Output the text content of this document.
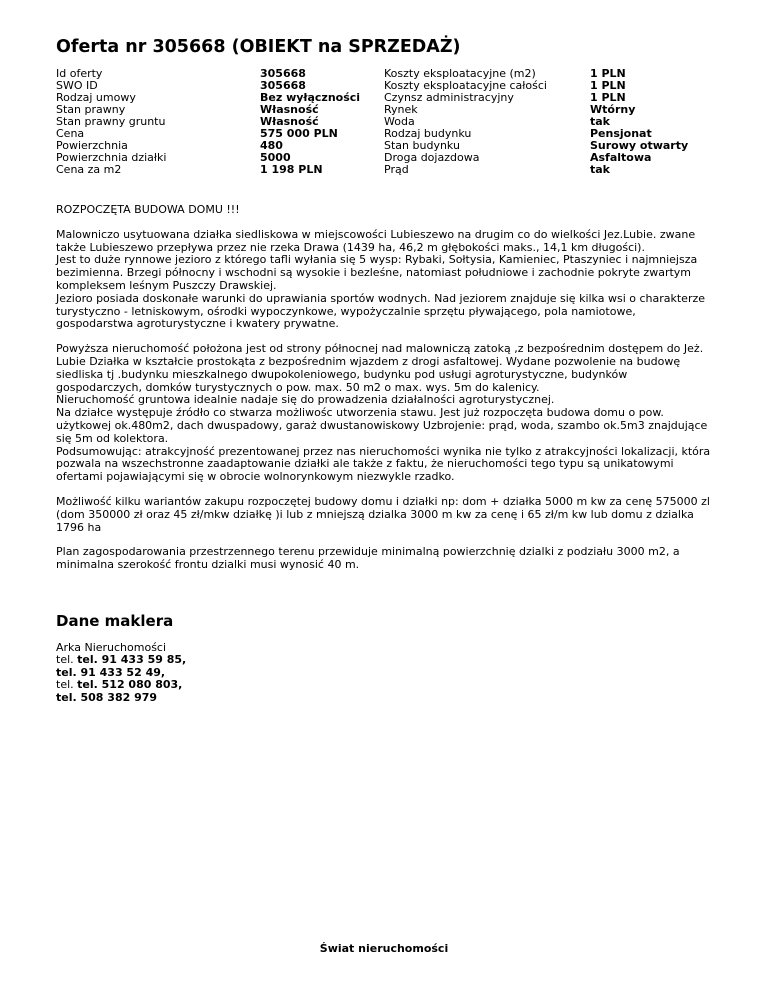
Oferta nr 305668 (OBIEKT na SPRZEDAŻ)
Id oferty
SWO ID
Rodzaj umowy
Stan prawny
Stan prawny gruntu
Cena
Powierzchnia
Powierzchnia działki
Cena za m2
305668
305668
Bez wyłączności
Własność
Własność
575 000 PLN
480
5000
1 198 PLN
Koszty eksploatacyjne (m2)
Koszty eksploatacyjne całości
Czynsz administracyjny
Rynek
Woda
Rodzaj budynku
Stan budynku
Droga dojazdowa
Prąd
1 PLN
1 PLN
1 PLN
Wtórny
tak
Pensjonat
Surowy otwarty
Asfaltowa
tak

ROZPOCZĘTA BUDOWA DOMU !!!

Malowniczo usytuowana działka siedliskowa w miejscowości Lubieszewo na drugim co do wielkości Jez.Lubie. zwane także Lubieszewo przepływa przez nie rzeka Drawa (1439 ha, 46,2 m głębokości maks., 14,1 km długości).
Jest to duże rynnowe jezioro z którego tafli wyłania się 5 wysp: Rybaki, Sołtysia, Kamieniec, Ptaszyniec i najmniejsza bezimienna. Brzegi północny i wschodni są wysokie i bezleśne, natomiast południowe i zachodnie pokryte zwartym kompleksem leśnym Puszczy Drawskiej.
Jezioro posiada doskonałe warunki do uprawiania sportów wodnych. Nad jeziorem znajduje się kilka wsi o charakterze turystyczno - letniskowym, ośrodki wypoczynkowe, wypożyczalnie sprzętu pływającego, pola namiotowe, gospodarstwa agroturystyczne i kwatery prywatne.

Powyższa nieruchomość położona jest od strony północnej nad malowniczą zatoką ,z bezpośrednim dostępem do Jeż. Lubie Działka w kształcie prostokąta z bezpośrednim wjazdem z drogi asfaltowej. Wydane pozwolenie na budowę siedliska tj .budynku mieszkalnego dwupokoleniowego, budynku pod usługi agroturystyczne, budynków gospodarczych, domków turystycznych o pow. max. 50 m2 o max. wys. 5m do kalenicy.
Nieruchomość gruntowa idealnie nadaje się do prowadzenia działalności agroturystycznej.
Na działce występuje źródło co stwarza możliwośc utworzenia stawu. Jest już rozpoczęta budowa domu o pow. użytkowej ok.480m2, dach dwuspadowy, garaż dwustanowiskowy Uzbrojenie: prąd, woda, szambo ok.5m3 znajdujące się 5m od kolektora.
Podsumowując: atrakcyjność prezentowanej przez nas nieruchomości wynika nie tylko z atrakcyjności lokalizacji, która pozwala na wszechstronne zaadaptowanie działki ale także z faktu, że nieruchomości tego typu są unikatowymi ofertami pojawiającymi się w obrocie wolnorynkowym niezwykle rzadko.

Możliwość kilku wariantów zakupu rozpoczętej budowy domu i działki np: dom + działka 5000 m kw za cenę 575000 zl (dom 350000 zł oraz 45 zł/mkw działkę )i lub z mniejszą dzialka 3000 m kw za cenę i 65 zł/m kw lub domu z dzialka 1796 ha

Plan zagospodarowania przestrzennego terenu przewiduje minimalną powierzchnię dzialki z podziału 3000 m2, a minimalna szerokość frontu dzialki musi wynosić 40 m.

Dane maklera
Arka Nieruchomości
tel. tel. 91 433 59 85,
tel. 91 433 52 49,
tel. tel. 512 080 803,
tel. 508 382 979
Świat nieruchomości
